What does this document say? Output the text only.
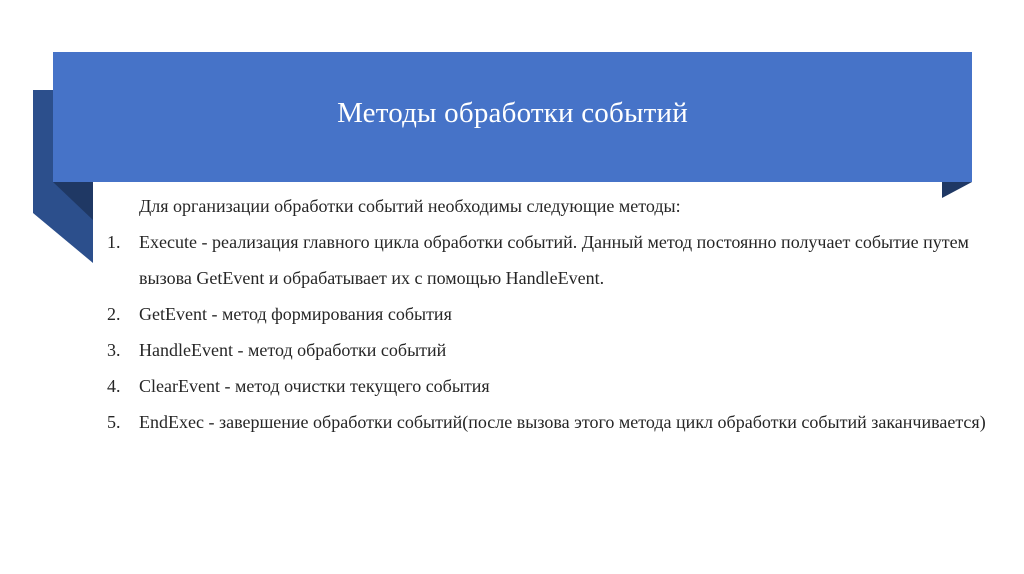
Методы обработки событий

Для организации обработки событий необходимы следующие методы:

1.	Execute - реализация главного цикла обработки событий. Данный метод постоянно получает событие путем вызова GetEvent и обрабатывает их с помощью HandleEvent.
2.	GetEvent - метод формирования события
3.	HandleEvent - метод обработки событий
4.	ClearEvent - метод очистки текущего события
5.	EndExec - завершение обработки событий(после вызова этого метода цикл обработки событий заканчивается)
